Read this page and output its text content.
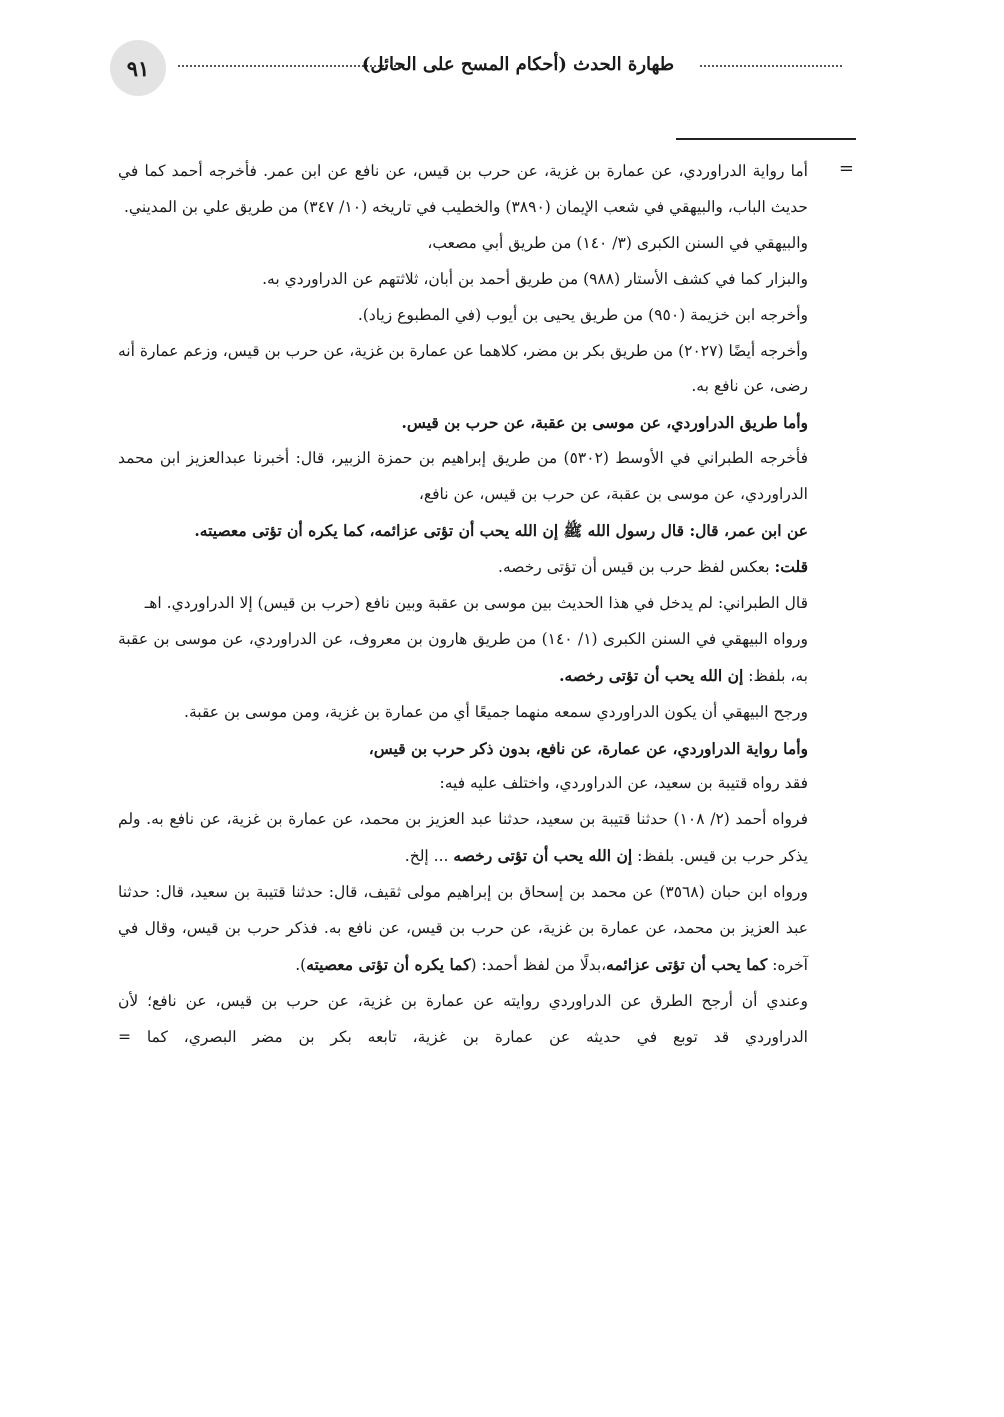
٩١	طهارة الحدث (أحكام المسح على الحائل)
=

أما رواية الدراوردي، عن عمارة بن غزية، عن حرب بن قيس، عن نافع عن ابن عمر. فأخرجه أحمد كما في حديث الباب، والبيهقي في شعب الإيمان (٣٨٩٠) والخطيب في تاريخه (١٠/ ٣٤٧) من طريق علي بن المديني.

والبيهقي في السنن الكبرى (٣/ ١٤٠) من طريق أبي مصعب،

والبزار كما في كشف الأستار (٩٨٨) من طريق أحمد بن أبان، ثلاثتهم عن الدراوردي به.

وأخرجه ابن خزيمة (٩٥٠) من طريق يحيى بن أيوب (في المطبوع زياد).

وأخرجه أيضًا (٢٠٢٧) من طريق بكر بن مضر، كلاهما عن عمارة بن غزية، عن حرب بن قيس، وزعم عمارة أنه رضى، عن نافع به.

وأما طريق الدراوردي، عن موسى بن عقبة، عن حرب بن قيس.

فأخرجه الطبراني في الأوسط (٥٣٠٢) من طريق إبراهيم بن حمزة الزبير، قال: أخبرنا عبدالعزيز ابن محمد الدراوردي، عن موسى بن عقبة، عن حرب بن قيس، عن نافع،

عن ابن عمر، قال: قال رسول الله ﷺ إن الله يحب أن تؤتى عزائمه، كما يكره أن تؤتى معصيته.

قلت: بعكس لفظ حرب بن قيس أن تؤتى رخصه.

قال الطبراني: لم يدخل في هذا الحديث بين موسى بن عقبة وبين نافع (حرب بن قيس) إلا الدراوردي. اهـ

ورواه البيهقي في السنن الكبرى (١/ ١٤٠) من طريق هارون بن معروف، عن الدراوردي، عن موسى بن عقبة به، بلفظ: إن الله يحب أن تؤتى رخصه.

ورجح البيهقي أن يكون الدراوردي سمعه منهما جميعًا أي من عمارة بن غزية، ومن موسى بن عقبة.

وأما رواية الدراوردي، عن عمارة، عن نافع، بدون ذكر حرب بن قيس،

فقد رواه قتيبة بن سعيد، عن الدراوردي، واختلف عليه فيه:

فرواه أحمد (٢/ ١٠٨) حدثنا قتيبة بن سعيد، حدثنا عبد العزيز بن محمد، عن عمارة بن غزية، عن نافع به. ولم يذكر حرب بن قيس. بلفظ: إن الله يحب أن تؤتى رخصه ... إلخ.

ورواه ابن حبان (٣٥٦٨) عن محمد بن إسحاق بن إبراهيم مولى ثقيف، قال: حدثنا قتيبة بن سعيد، قال: حدثنا عبد العزيز بن محمد، عن عمارة بن غزية، عن حرب بن قيس، عن نافع به. فذكر حرب بن قيس، وقال في آخره: كما يحب أن تؤتى عزائمه،بدلًا من لفظ أحمد: (كما يكره أن تؤتى معصيته).

وعندي أن أرجح الطرق عن الدراوردي روايته عن عمارة بن غزية، عن حرب بن قيس، عن نافع؛ لأن الدراوردي قد توبع في حديثه عن عمارة بن غزية، تابعه بكر بن مضر البصري، كما =
